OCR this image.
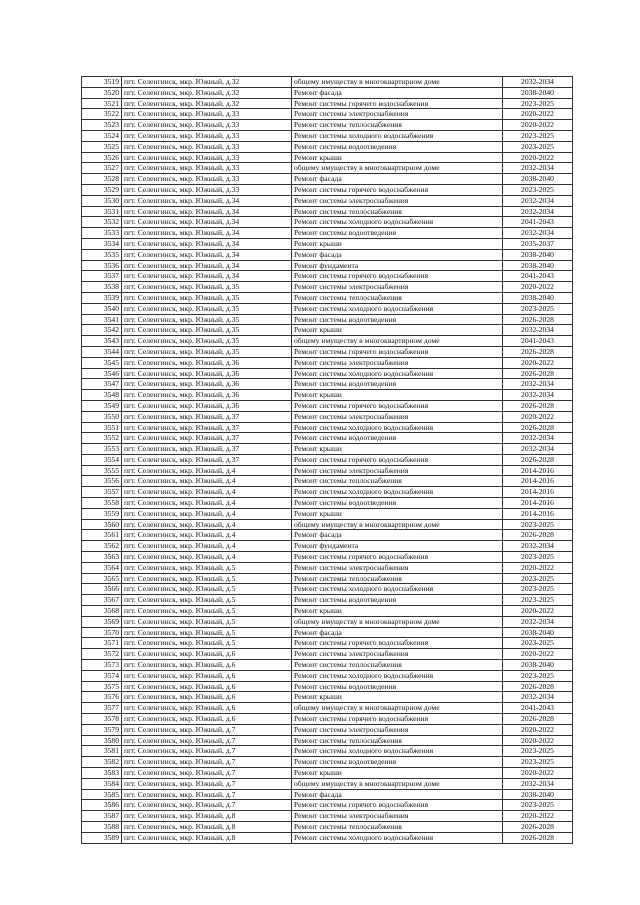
3519	пгт. Селенгинск, мкр. Южный, д.32	общему имуществу в многоквартирном доме	2032-2034
3520	пгт. Селенгинск, мкр. Южный, д.32	Ремонт фасада	2038-2040
3521	пгт. Селенгинск, мкр. Южный, д.32	Ремонт системы горячего водоснабжения	2023-2025
3522	пгт. Селенгинск, мкр. Южный, д.33	Ремонт системы электроснабжения	2020-2022
3523	пгт. Селенгинск, мкр. Южный, д.33	Ремонт системы теплоснабжения	2020-2022
3524	пгт. Селенгинск, мкр. Южный, д.33	Ремонт системы холодного водоснабжения	2023-2025
3525	пгт. Селенгинск, мкр. Южный, д.33	Ремонт системы водоотведения	2023-2025
3526	пгт. Селенгинск, мкр. Южный, д.33	Ремонт крыши	2020-2022
3527	пгт. Селенгинск, мкр. Южный, д.33	общему имуществу в многоквартирном доме	2032-2034
3528	пгт. Селенгинск, мкр. Южный, д.33	Ремонт фасада	2038-2040
3529	пгт. Селенгинск, мкр. Южный, д.33	Ремонт системы горячего водоснабжения	2023-2025
3530	пгт. Селенгинск, мкр. Южный, д.34	Ремонт системы электроснабжения	2032-2034
3531	пгт. Селенгинск, мкр. Южный, д.34	Ремонт системы теплоснабжения	2032-2034
3532	пгт. Селенгинск, мкр. Южный, д.34	Ремонт системы холодного водоснабжения	2041-2043
3533	пгт. Селенгинск, мкр. Южный, д.34	Ремонт системы водоотведения	2032-2034
3534	пгт. Селенгинск, мкр. Южный, д.34	Ремонт крыши	2035-2037
3535	пгт. Селенгинск, мкр. Южный, д.34	Ремонт фасада	2038-2040
3536	пгт. Селенгинск, мкр. Южный, д.34	Ремонт фундамента	2038-2040
3537	пгт. Селенгинск, мкр. Южный, д.34	Ремонт системы горячего водоснабжения	2041-2043
3538	пгт. Селенгинск, мкр. Южный, д.35	Ремонт системы электроснабжения	2020-2022
3539	пгт. Селенгинск, мкр. Южный, д.35	Ремонт системы теплоснабжения	2038-2040
3540	пгт. Селенгинск, мкр. Южный, д.35	Ремонт системы холодного водоснабжения	2023-2025
3541	пгт. Селенгинск, мкр. Южный, д.35	Ремонт системы водоотведения	2026-2028
3542	пгт. Селенгинск, мкр. Южный, д.35	Ремонт крыши	2032-2034
3543	пгт. Селенгинск, мкр. Южный, д.35	общему имуществу в многоквартирном доме	2041-2043
3544	пгт. Селенгинск, мкр. Южный, д.35	Ремонт системы горячего водоснабжения	2026-2028
3545	пгт. Селенгинск, мкр. Южный, д.36	Ремонт системы электроснабжения	2020-2022
3546	пгт. Селенгинск, мкр. Южный, д.36	Ремонт системы холодного водоснабжения	2026-2028
3547	пгт. Селенгинск, мкр. Южный, д.36	Ремонт системы водоотведения	2032-2034
3548	пгт. Селенгинск, мкр. Южный, д.36	Ремонт крыши	2032-2034
3549	пгт. Селенгинск, мкр. Южный, д.36	Ремонт системы горячего водоснабжения	2026-2028
3550	пгт. Селенгинск, мкр. Южный, д.37	Ремонт системы электроснабжения	2020-2022
3551	пгт. Селенгинск, мкр. Южный, д.37	Ремонт системы холодного водоснабжения	2026-2028
3552	пгт. Селенгинск, мкр. Южный, д.37	Ремонт системы водоотведения	2032-2034
3553	пгт. Селенгинск, мкр. Южный, д.37	Ремонт крыши	2032-2034
3554	пгт. Селенгинск, мкр. Южный, д.37	Ремонт системы горячего водоснабжения	2026-2028
3555	пгт. Селенгинск, мкр. Южный, д.4	Ремонт системы электроснабжения	2014-2016
3556	пгт. Селенгинск, мкр. Южный, д.4	Ремонт системы теплоснабжения	2014-2016
3557	пгт. Селенгинск, мкр. Южный, д.4	Ремонт системы холодного водоснабжения	2014-2016
3558	пгт. Селенгинск, мкр. Южный, д.4	Ремонт системы водоотведения	2014-2016
3559	пгт. Селенгинск, мкр. Южный, д.4	Ремонт крыши	2014-2016
3560	пгт. Селенгинск, мкр. Южный, д.4	общему имуществу в многоквартирном доме	2023-2025
3561	пгт. Селенгинск, мкр. Южный, д.4	Ремонт фасада	2026-2028
3562	пгт. Селенгинск, мкр. Южный, д.4	Ремонт фундамента	2032-2034
3563	пгт. Селенгинск, мкр. Южный, д.4	Ремонт системы горячего водоснабжения	2023-2025
3564	пгт. Селенгинск, мкр. Южный, д.5	Ремонт системы электроснабжения	2020-2022
3565	пгт. Селенгинск, мкр. Южный, д.5	Ремонт системы теплоснабжения	2023-2025
3566	пгт. Селенгинск, мкр. Южный, д.5	Ремонт системы холодного водоснабжения	2023-2025
3567	пгт. Селенгинск, мкр. Южный, д.5	Ремонт системы водоотведения	2023-2025
3568	пгт. Селенгинск, мкр. Южный, д.5	Ремонт крыши	2020-2022
3569	пгт. Селенгинск, мкр. Южный, д.5	общему имуществу в многоквартирном доме	2032-2034
3570	пгт. Селенгинск, мкр. Южный, д.5	Ремонт фасада	2038-2040
3571	пгт. Селенгинск, мкр. Южный, д.5	Ремонт системы горячего водоснабжения	2023-2025
3572	пгт. Селенгинск, мкр. Южный, д.6	Ремонт системы электроснабжения	2020-2022
3573	пгт. Селенгинск, мкр. Южный, д.6	Ремонт системы теплоснабжения	2038-2040
3574	пгт. Селенгинск, мкр. Южный, д.6	Ремонт системы холодного водоснабжения	2023-2025
3575	пгт. Селенгинск, мкр. Южный, д.6	Ремонт системы водоотведения	2026-2028
3576	пгт. Селенгинск, мкр. Южный, д.6	Ремонт крыши	2032-2034
3577	пгт. Селенгинск, мкр. Южный, д.6	общему имуществу в многоквартирном доме	2041-2043
3578	пгт. Селенгинск, мкр. Южный, д.6	Ремонт системы горячего водоснабжения	2026-2028
3579	пгт. Селенгинск, мкр. Южный, д.7	Ремонт системы электроснабжения	2020-2022
3580	пгт. Селенгинск, мкр. Южный, д.7	Ремонт системы теплоснабжения	2020-2022
3581	пгт. Селенгинск, мкр. Южный, д.7	Ремонт системы холодного водоснабжения	2023-2025
3582	пгт. Селенгинск, мкр. Южный, д.7	Ремонт системы водоотведения	2023-2025
3583	пгт. Селенгинск, мкр. Южный, д.7	Ремонт крыши	2020-2022
3584	пгт. Селенгинск, мкр. Южный, д.7	общему имуществу в многоквартирном доме	2032-2034
3585	пгт. Селенгинск, мкр. Южный, д.7	Ремонт фасада	2038-2040
3586	пгт. Селенгинск, мкр. Южный, д.7	Ремонт системы горячего водоснабжения	2023-2025
3587	пгт. Селенгинск, мкр. Южный, д.8	Ремонт системы электроснабжения	2020-2022
3588	пгт. Селенгинск, мкр. Южный, д.8	Ремонт системы теплоснабжения	2026-2028
3589	пгт. Селенгинск, мкр. Южный, д.8	Ремонт системы холодного водоснабжения	2026-2028
